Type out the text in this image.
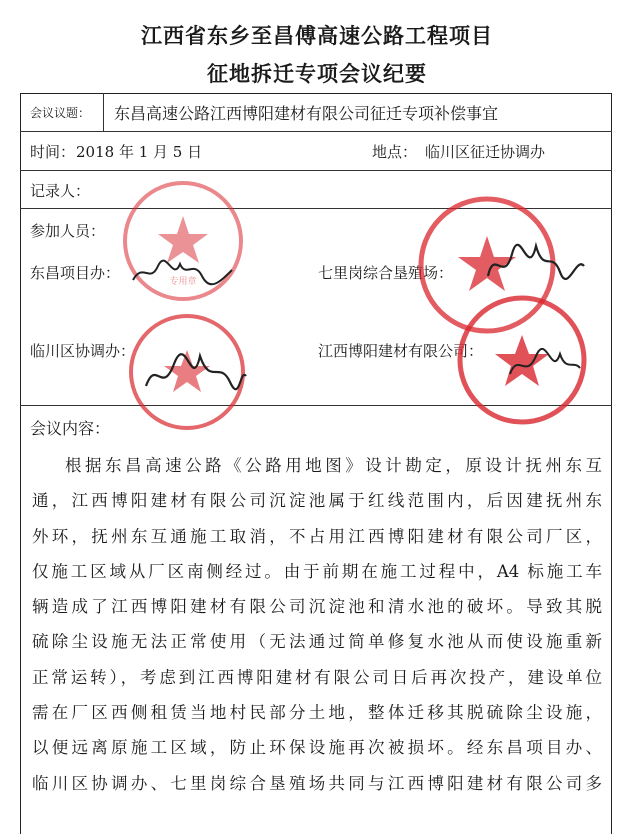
江西省东乡至昌傅高速公路工程项目
征地拆迁专项会议纪要
会议议题： 东昌高速公路江西博阳建材有限公司征迁专项补偿事宜
时间： 2018 年 1 月 5 日	地点： 临川区征迁协调办
记录人：
参加人员：
东昌项目办：	七里岗综合垦殖场：
临川区协调办：	江西博阳建材有限公司：
专用章
会议内容：

根据东昌高速公路《公路用地图》设计勘定，原设计抚州东互

通，江西博阳建材有限公司沉淀池属于红线范围内，后因建抚州东

外环，抚州东互通施工取消，不占用江西博阳建材有限公司厂区，

仅施工区域从厂区南侧经过。由于前期在施工过程中，A4 标施工车

辆造成了江西博阳建材有限公司沉淀池和清水池的破坏。导致其脱

硫除尘设施无法正常使用（无法通过简单修复水池从而使设施重新

正常运转），考虑到江西博阳建材有限公司日后再次投产，建设单位

需在厂区西侧租赁当地村民部分土地，整体迁移其脱硫除尘设施，

以便远离原施工区域，防止环保设施再次被损坏。经东昌项目办、

临川区协调办、七里岗综合垦殖场共同与江西博阳建材有限公司多
